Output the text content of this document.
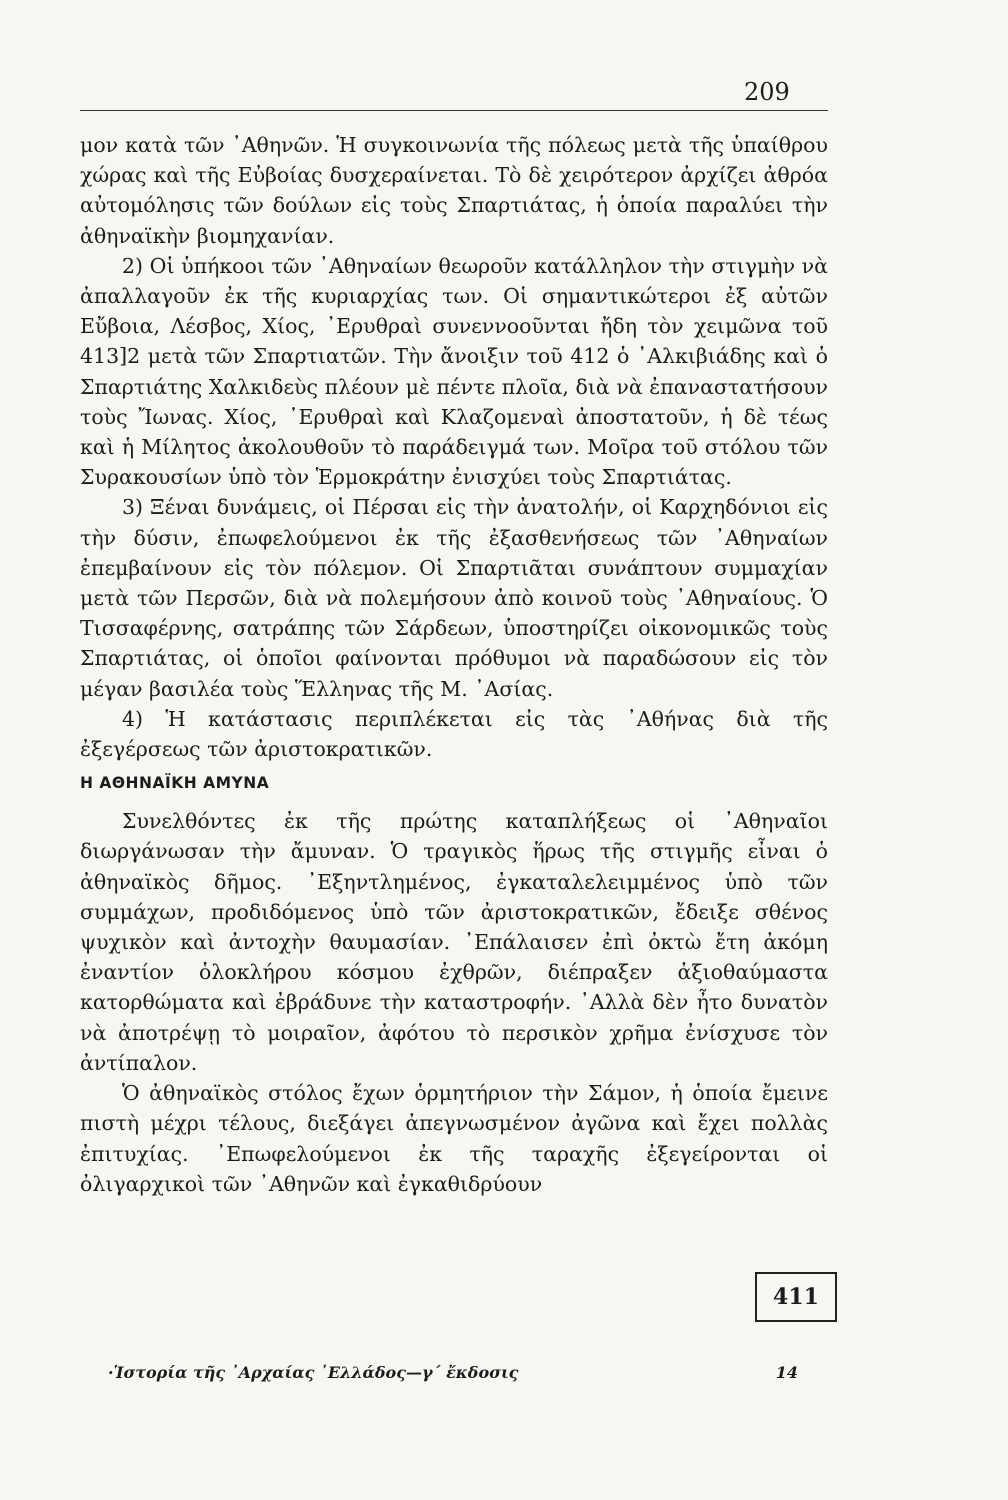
209

μον κατὰ τῶν ᾿Αθηνῶν. Ἡ συγκοινωνία τῆς πόλεως μετὰ τῆς ὑπαίθρου χώρας καὶ τῆς Εὐβοίας δυσχεραίνεται. Τὸ δὲ χειρότερον ἀρχίζει ἀθρόα αὐτομόλησις τῶν δούλων εἰς τοὺς Σπαρτιάτας, ἡ ὁποία παραλύει τὴν ἀθηναϊκὴν βιομηχανίαν.

2) Οἱ ὑπήκοοι τῶν ᾿Αθηναίων θεωροῦν κατάλληλον τὴν στιγμὴν νὰ ἀπαλλαγοῦν ἐκ τῆς κυριαρχίας των. Οἱ σημαντικώτεροι ἐξ αὐτῶν Εὔβοια, Λέσβος, Χίος, ᾿Ερυθραὶ συνεννοοῦνται ἤδη τὸν χειμῶνα τοῦ 413]2 μετὰ τῶν Σπαρτιατῶν. Τὴν ἄνοιξιν τοῦ 412 ὁ ᾿Αλκιβιάδης καὶ ὁ Σπαρτιάτης Χαλκιδεὺς πλέουν μὲ πέντε πλοῖα, διὰ νὰ ἐπαναστατήσουν τοὺς Ἴωνας. Χίος, ᾿Ερυθραὶ καὶ Κλαζομεναὶ ἀποστατοῦν, ἡ δὲ τέως καὶ ἡ Μίλητος ἀκολουθοῦν τὸ παράδειγμά των. Μοῖρα τοῦ στόλου τῶν Συρακουσίων ὑπὸ τὸν Ἑρμοκράτην ἐνισχύει τοὺς Σπαρτιάτας.

3) Ξέναι δυνάμεις, οἱ Πέρσαι εἰς τὴν ἀνατολήν, οἱ Καρχηδόνιοι εἰς τὴν δύσιν, ἐπωφελούμενοι ἐκ τῆς ἐξασθενήσεως τῶν ᾿Αθηναίων ἐπεμβαίνουν εἰς τὸν πόλεμον. Οἱ Σπαρτιᾶται συνάπτουν συμμαχίαν μετὰ τῶν Περσῶν, διὰ νὰ πολεμήσουν ἀπὸ κοινοῦ τοὺς ᾿Αθηναίους. Ὁ Τισσαφέρνης, σατράπης τῶν Σάρδεων, ὑποστηρίζει οἰκονομικῶς τοὺς Σπαρτιάτας, οἱ ὁποῖοι φαίνονται πρόθυμοι νὰ παραδώσουν εἰς τὸν μέγαν βασιλέα τοὺς Ἕλληνας τῆς Μ. ᾿Ασίας.

4) Ἡ κατάστασις περιπλέκεται εἰς τὰς ᾿Αθήνας διὰ τῆς ἐξεγέρσεως τῶν ἀριστοκρατικῶν.

Η ΑΘΗΝΑΪΚΗ ΑΜΥΝΑ

Συνελθόντες ἐκ τῆς πρώτης καταπλήξεως οἱ ᾿Αθηναῖοι διωργάνωσαν τὴν ἄμυναν. Ὁ τραγικὸς ἥρως τῆς στιγμῆς εἶναι ὁ ἀθηναϊκὸς δῆμος. ᾿Εξηντλημένος, ἐγκαταλελειμμένος ὑπὸ τῶν συμμάχων, προδιδόμενος ὑπὸ τῶν ἀριστοκρατικῶν, ἔδειξε σθένος ψυχικὸν καὶ ἀντοχὴν θαυμασίαν. ᾿Επάλαισεν ἐπὶ ὀκτὼ ἔτη ἀκόμη ἐναντίον ὁλοκλήρου κόσμου ἐχθρῶν, διέπραξεν ἀξιοθαύμαστα κατορθώματα καὶ ἐβράδυνε τὴν καταστροφήν. ᾿Αλλὰ δὲν ἦτο δυνατὸν νὰ ἀποτρέψῃ τὸ μοιραῖον, ἀφότου τὸ περσικὸν χρῆμα ἐνίσχυσε τὸν ἀντίπαλον.

Ὁ ἀθηναϊκὸς στόλος ἔχων ὁρμητήριον τὴν Σάμον, ἡ ὁποία ἔμεινε πιστὴ μέχρι τέλους, διεξάγει ἀπεγνωσμένον ἀγῶνα καὶ ἔχει πολλὰς ἐπιτυχίας. ᾿Επωφελούμενοι ἐκ τῆς ταραχῆς ἐξεγείρονται οἱ ὀλιγαρχικοὶ τῶν ᾿Αθηνῶν καὶ ἐγκαθιδρύουν

411
·Ἱστορία τῆς ᾿Αρχαίας ῾Ελλάδος—γ´ ἔκδοσις	14
